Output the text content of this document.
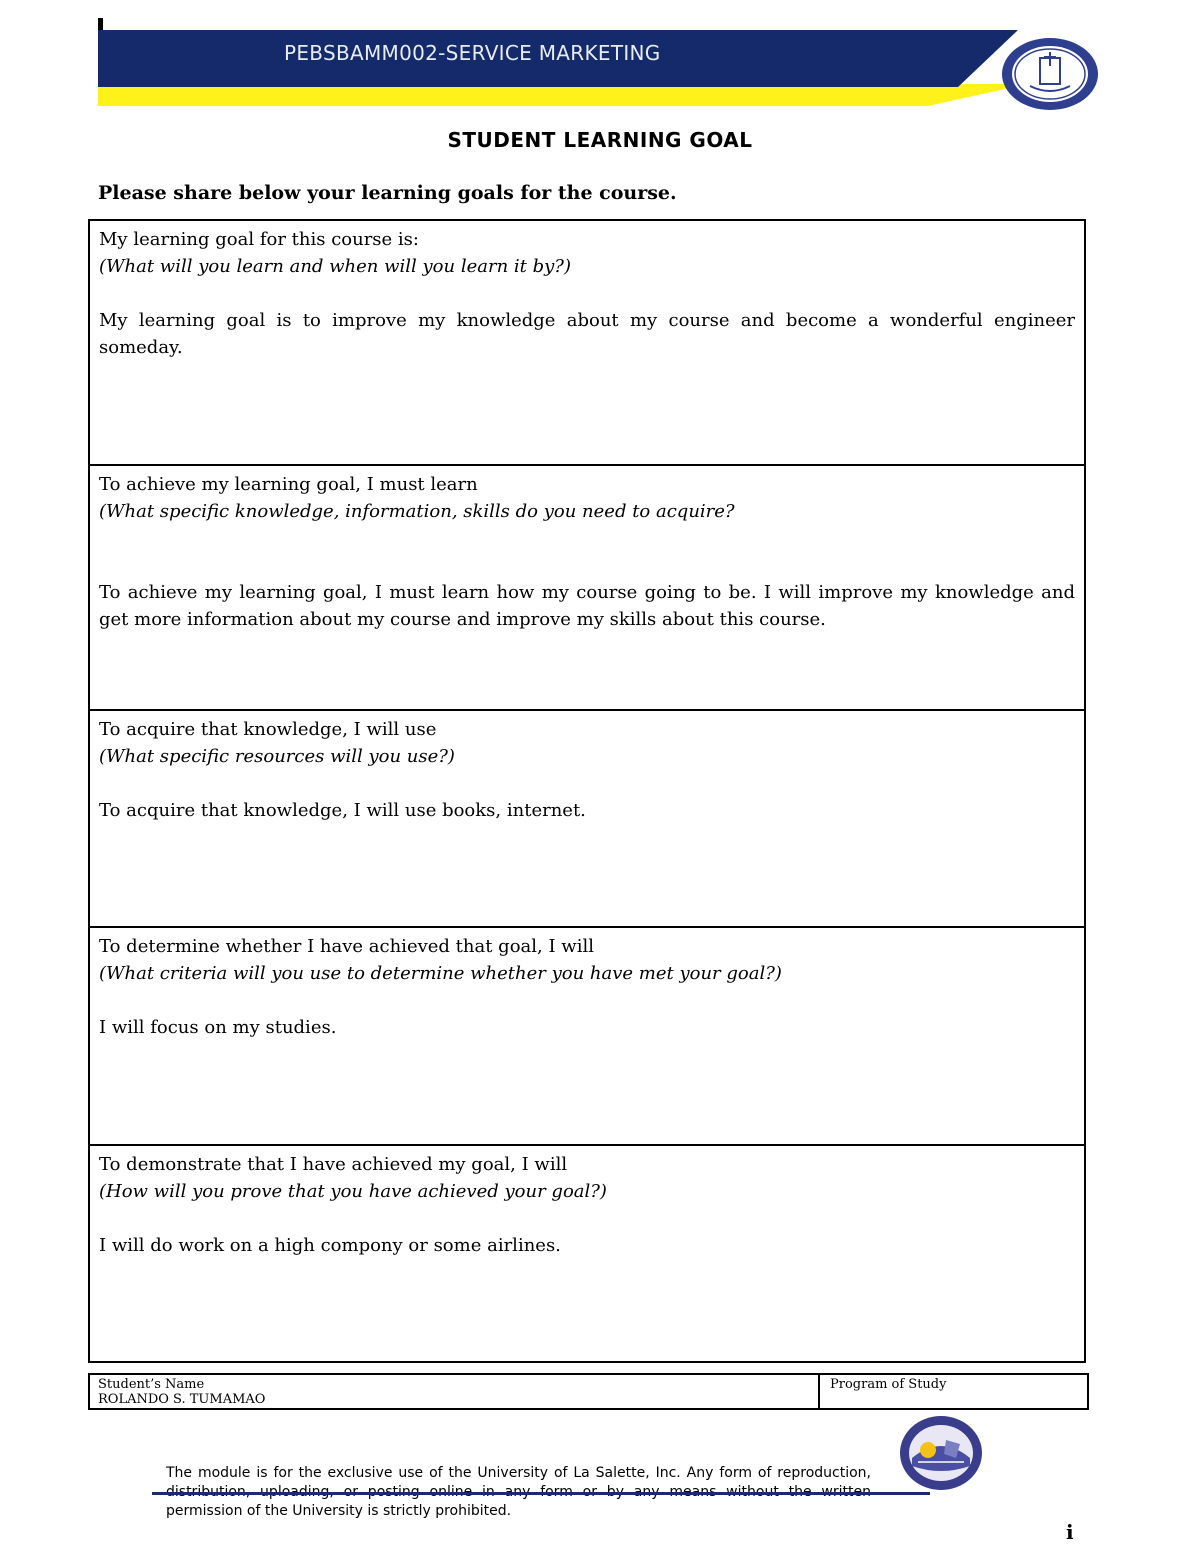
PEBSBAMM002-SERVICE MARKETING
STUDENT LEARNING GOAL
Please share below your learning goals for the course.
My learning goal for this course is:
(What will you learn and when will you learn it by?)
My learning goal is to improve my knowledge about my course and become a wonderful engineer someday.
To achieve my learning goal, I must learn
(What specific knowledge, information, skills do you need to acquire?
To achieve my learning goal, I must learn how my course going to be. I will improve my knowledge and get more information about my course and improve my skills about this course.
To acquire that knowledge, I will use
(What specific resources will you use?)
To acquire that knowledge, I will use books, internet.
To determine whether I have achieved that goal, I will
(What criteria will you use to determine whether you have met your goal?)
I will focus on my studies.
To demonstrate that I have achieved my goal, I will
(How will you prove that you have achieved your goal?)
I will do work on a high compony or some airlines.
Student’s Name
ROLANDO S. TUMAMAO
Program of Study
The module is for the exclusive use of the University of La Salette, Inc. Any form of reproduction, permission of the University is strictly prohibited.
i
